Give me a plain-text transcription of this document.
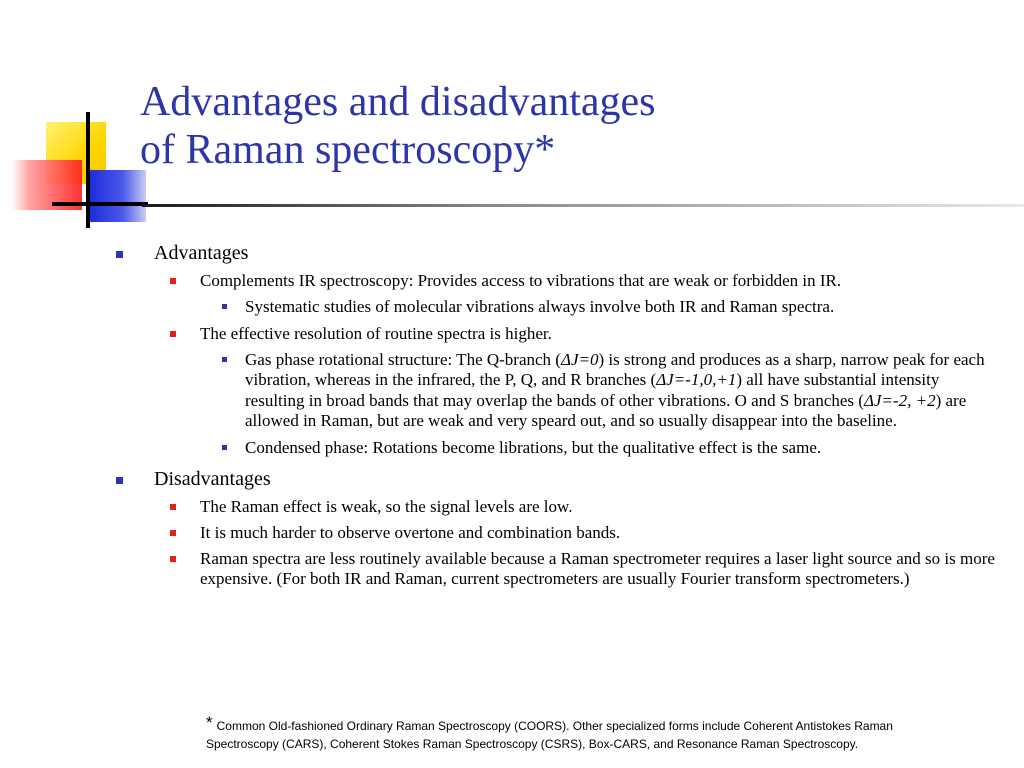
Advantages and disadvantages
of Raman spectroscopy*
Advantages
Complements IR spectroscopy: Provides access to vibrations that are weak or forbidden in IR.
Systematic studies of molecular vibrations always involve both IR and Raman spectra.
The effective resolution of routine spectra is higher.
Gas phase rotational structure: The Q-branch (ΔJ=0) is strong and produces as a sharp, narrow peak for each vibration, whereas in the infrared, the P, Q, and R branches (ΔJ=-1,0,+1) all have substantial intensity resulting in broad bands that may overlap the bands of other vibrations. O and S branches (ΔJ=-2, +2) are allowed in Raman, but are weak and very speard out, and so usually disappear into the baseline.
Condensed phase: Rotations become librations, but the qualitative effect is the same.
Disadvantages
The Raman effect is weak, so the signal levels are low.
It is much harder to observe overtone and combination bands.
Raman spectra are less routinely available because a Raman spectrometer requires a laser light source and so is more expensive. (For both IR and Raman, current spectrometers are usually Fourier transform spectrometers.)
* Common Old-fashioned Ordinary Raman Spectroscopy (COORS). Other specialized forms include Coherent Antistokes Raman Spectroscopy (CARS), Coherent Stokes Raman Spectroscopy (CSRS), Box-CARS, and Resonance Raman Spectroscopy.
